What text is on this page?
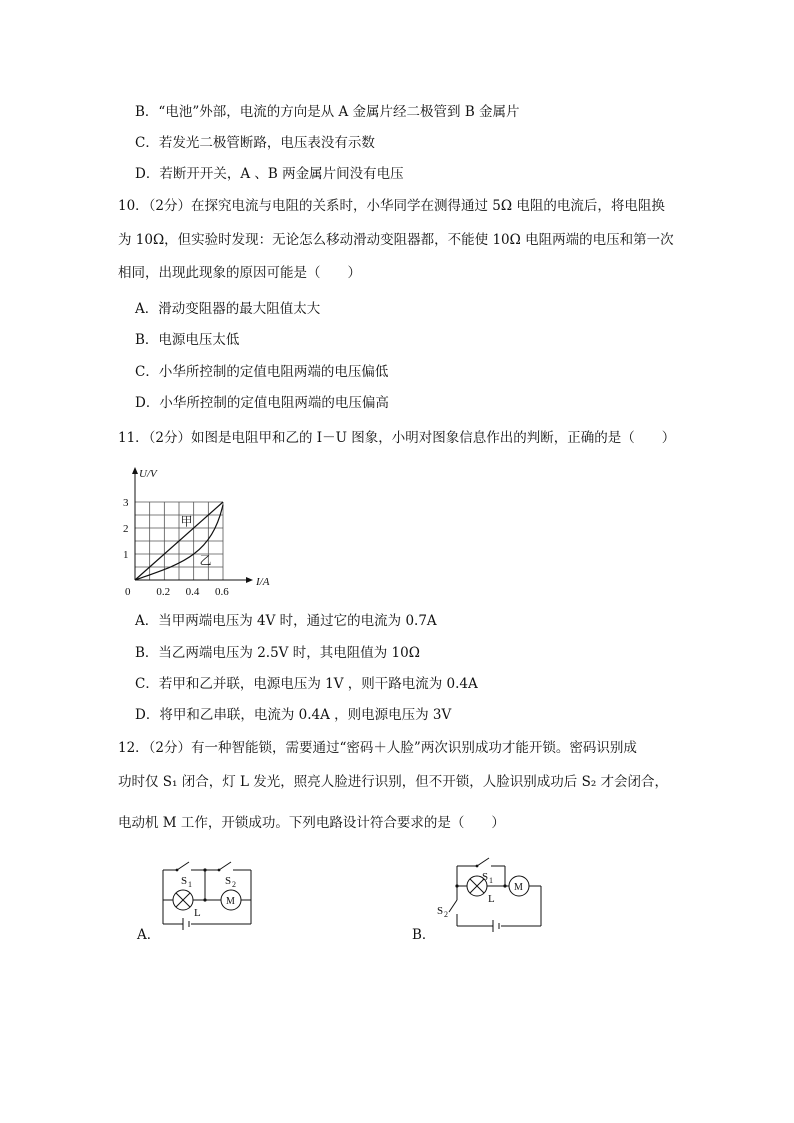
B．“电池”外部，电流的方向是从 A 金属片经二极管到 B 金属片
C．若发光二极管断路，电压表没有示数
D．若断开开关，A 、B 两金属片间没有电压
10．（2分）在探究电流与电阻的关系时，小华同学在测得通过 5Ω 电阻的电流后，将电阻换
为 10Ω，但实验时发现：无论怎么移动滑动变阻器都，不能使 10Ω 电阻两端的电压和第一次
相同，出现此现象的原因可能是（　　）
A．滑动变阻器的最大阻值太大
B．电源电压太低
C．小华所控制的定值电阻两端的电压偏低
D．小华所控制的定值电阻两端的电压偏高
11．（2分）如图是电阻甲和乙的 I－U 图象，小明对图象信息作出的判断，正确的是（　　）
1
2
3
0.2 0.4 0.6
0
U/V
I/A
甲
乙
A．当甲两端电压为 4V 时，通过它的电流为 0.7A
B．当乙两端电压为 2.5V 时，其电阻值为 10Ω
C．若甲和乙并联，电源电压为 1V ，则干路电流为 0.4A
D．将甲和乙串联，电流为 0.4A ，则电源电压为 3V
12．（2分）有一种智能锁，需要通过“密码＋人脸”两次识别成功才能开锁。密码识别成
功时仅 S₁ 闭合，灯 L 发光，照亮人脸进行识别，但不开锁，人脸识别成功后 S₂ 才会闭合，
电动机 M 工作，开锁成功。下列电路设计符合要求的是（　　）
A．
S 1	S 2
L
M
B．
S 1
S 2
L
M
